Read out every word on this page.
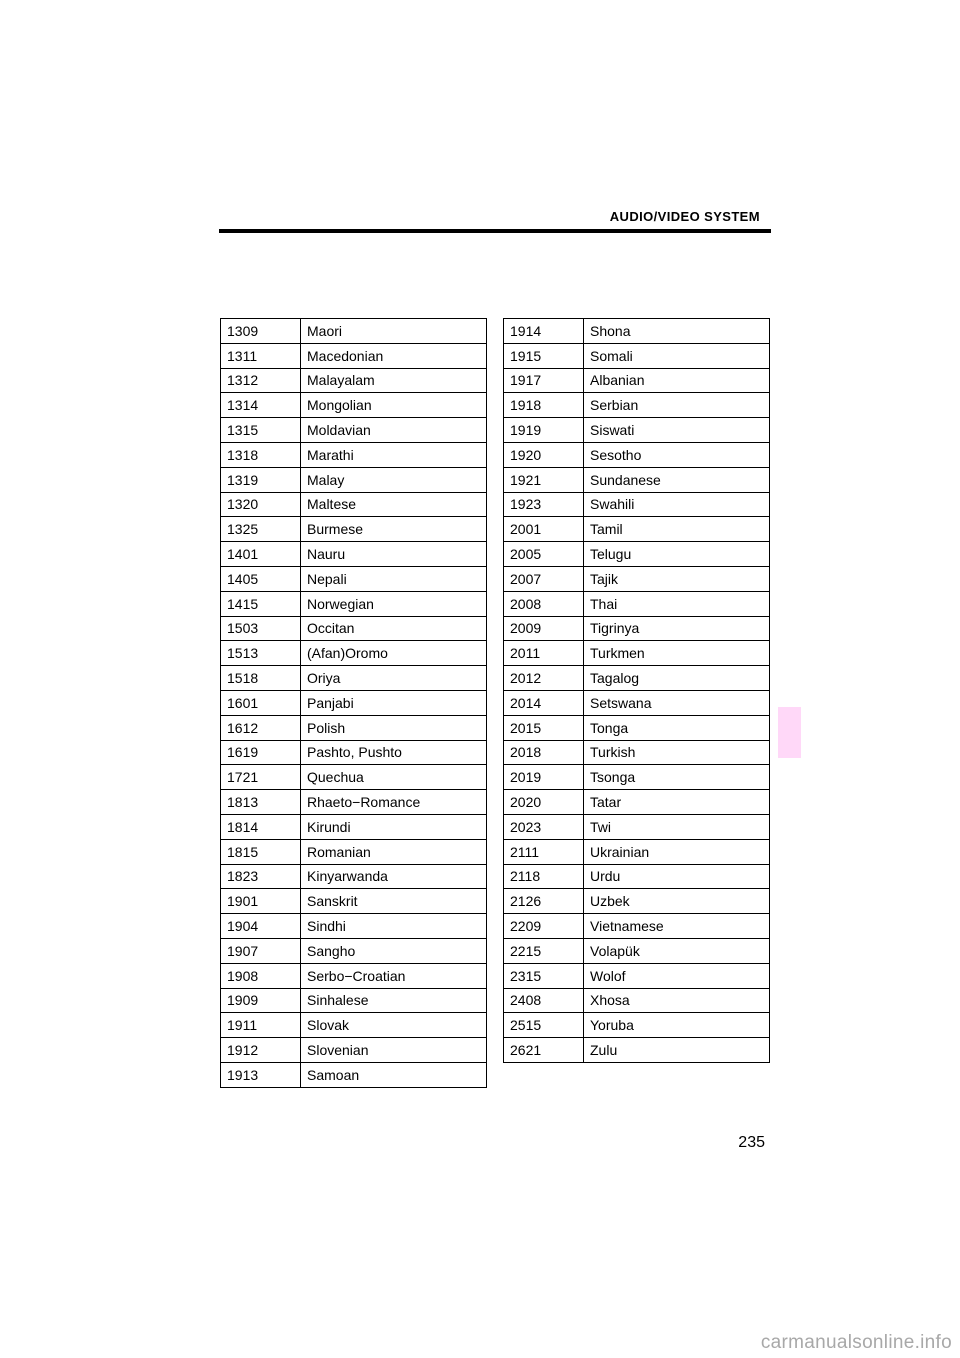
AUDIO/VIDEO SYSTEM
1309	Maori
1311	Macedonian
1312	Malayalam
1314	Mongolian
1315	Moldavian
1318	Marathi
1319	Malay
1320	Maltese
1325	Burmese
1401	Nauru
1405	Nepali
1415	Norwegian
1503	Occitan
1513	(Afan)Oromo
1518	Oriya
1601	Panjabi
1612	Polish
1619	Pashto, Pushto
1721	Quechua
1813	Rhaeto−Romance
1814	Kirundi
1815	Romanian
1823	Kinyarwanda
1901	Sanskrit
1904	Sindhi
1907	Sangho
1908	Serbo−Croatian
1909	Sinhalese
1911	Slovak
1912	Slovenian
1913	Samoan
1914	Shona
1915	Somali
1917	Albanian
1918	Serbian
1919	Siswati
1920	Sesotho
1921	Sundanese
1923	Swahili
2001	Tamil
2005	Telugu
2007	Tajik
2008	Thai
2009	Tigrinya
2011	Turkmen
2012	Tagalog
2014	Setswana
2015	Tonga
2018	Turkish
2019	Tsonga
2020	Tatar
2023	Twi
2111	Ukrainian
2118	Urdu
2126	Uzbek
2209	Vietnamese
2215	Volapük
2315	Wolof
2408	Xhosa
2515	Yoruba
2621	Zulu
235
carmanualsonline.info
